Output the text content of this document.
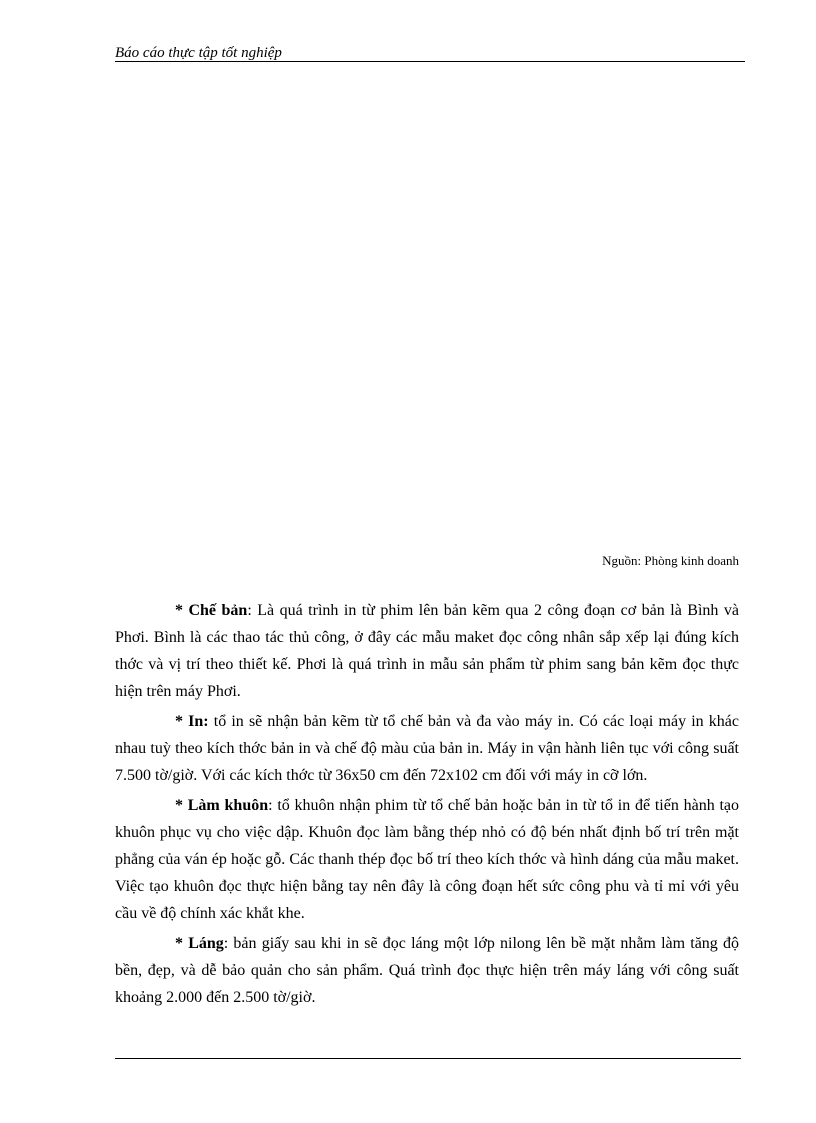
Báo cáo thực tập tốt nghiệp
Nguồn: Phòng kinh doanh

* Chế bản: Là quá trình in từ phim lên bản kẽm qua 2 công đoạn cơ bản là Bình và Phơi. Bình là các thao tác thủ công, ở đây các mẫu maket đọc công nhân sắp xếp lại đúng kích thớc và vị trí theo thiết kế. Phơi là quá trình in mẫu sản phẩm từ phim sang bản kẽm đọc thực hiện trên máy Phơi.

* In: tổ in sẽ nhận bản kẽm từ tổ chế bản và đa vào máy in. Có các loại máy in khác nhau tuỳ theo kích thớc bản in và chế độ màu của bản in. Máy in vận hành liên tục với công suất 7.500 tờ/giờ. Với các kích thớc từ 36x50 cm đến 72x102 cm đối với máy in cỡ lớn.

* Làm khuôn: tổ khuôn nhận phim từ tổ chế bản hoặc bản in từ tổ in để tiến hành tạo khuôn phục vụ cho việc dập. Khuôn đọc làm bằng thép nhỏ có độ bén nhất định bố trí trên mặt phẳng của ván ép hoặc gỗ. Các thanh thép đọc bố trí theo kích thớc và hình dáng của mẫu maket. Việc tạo khuôn đọc thực hiện bằng tay nên đây là công đoạn hết sức công phu và tỉ mỉ với yêu cầu về độ chính xác khắt khe.

* Láng: bản giấy sau khi in sẽ đọc láng một lớp nilong lên bề mặt nhằm làm tăng độ bền, đẹp, và dễ bảo quản cho sản phẩm. Quá trình đọc thực hiện trên máy láng với công suất khoảng 2.000 đến 2.500 tờ/giờ.
